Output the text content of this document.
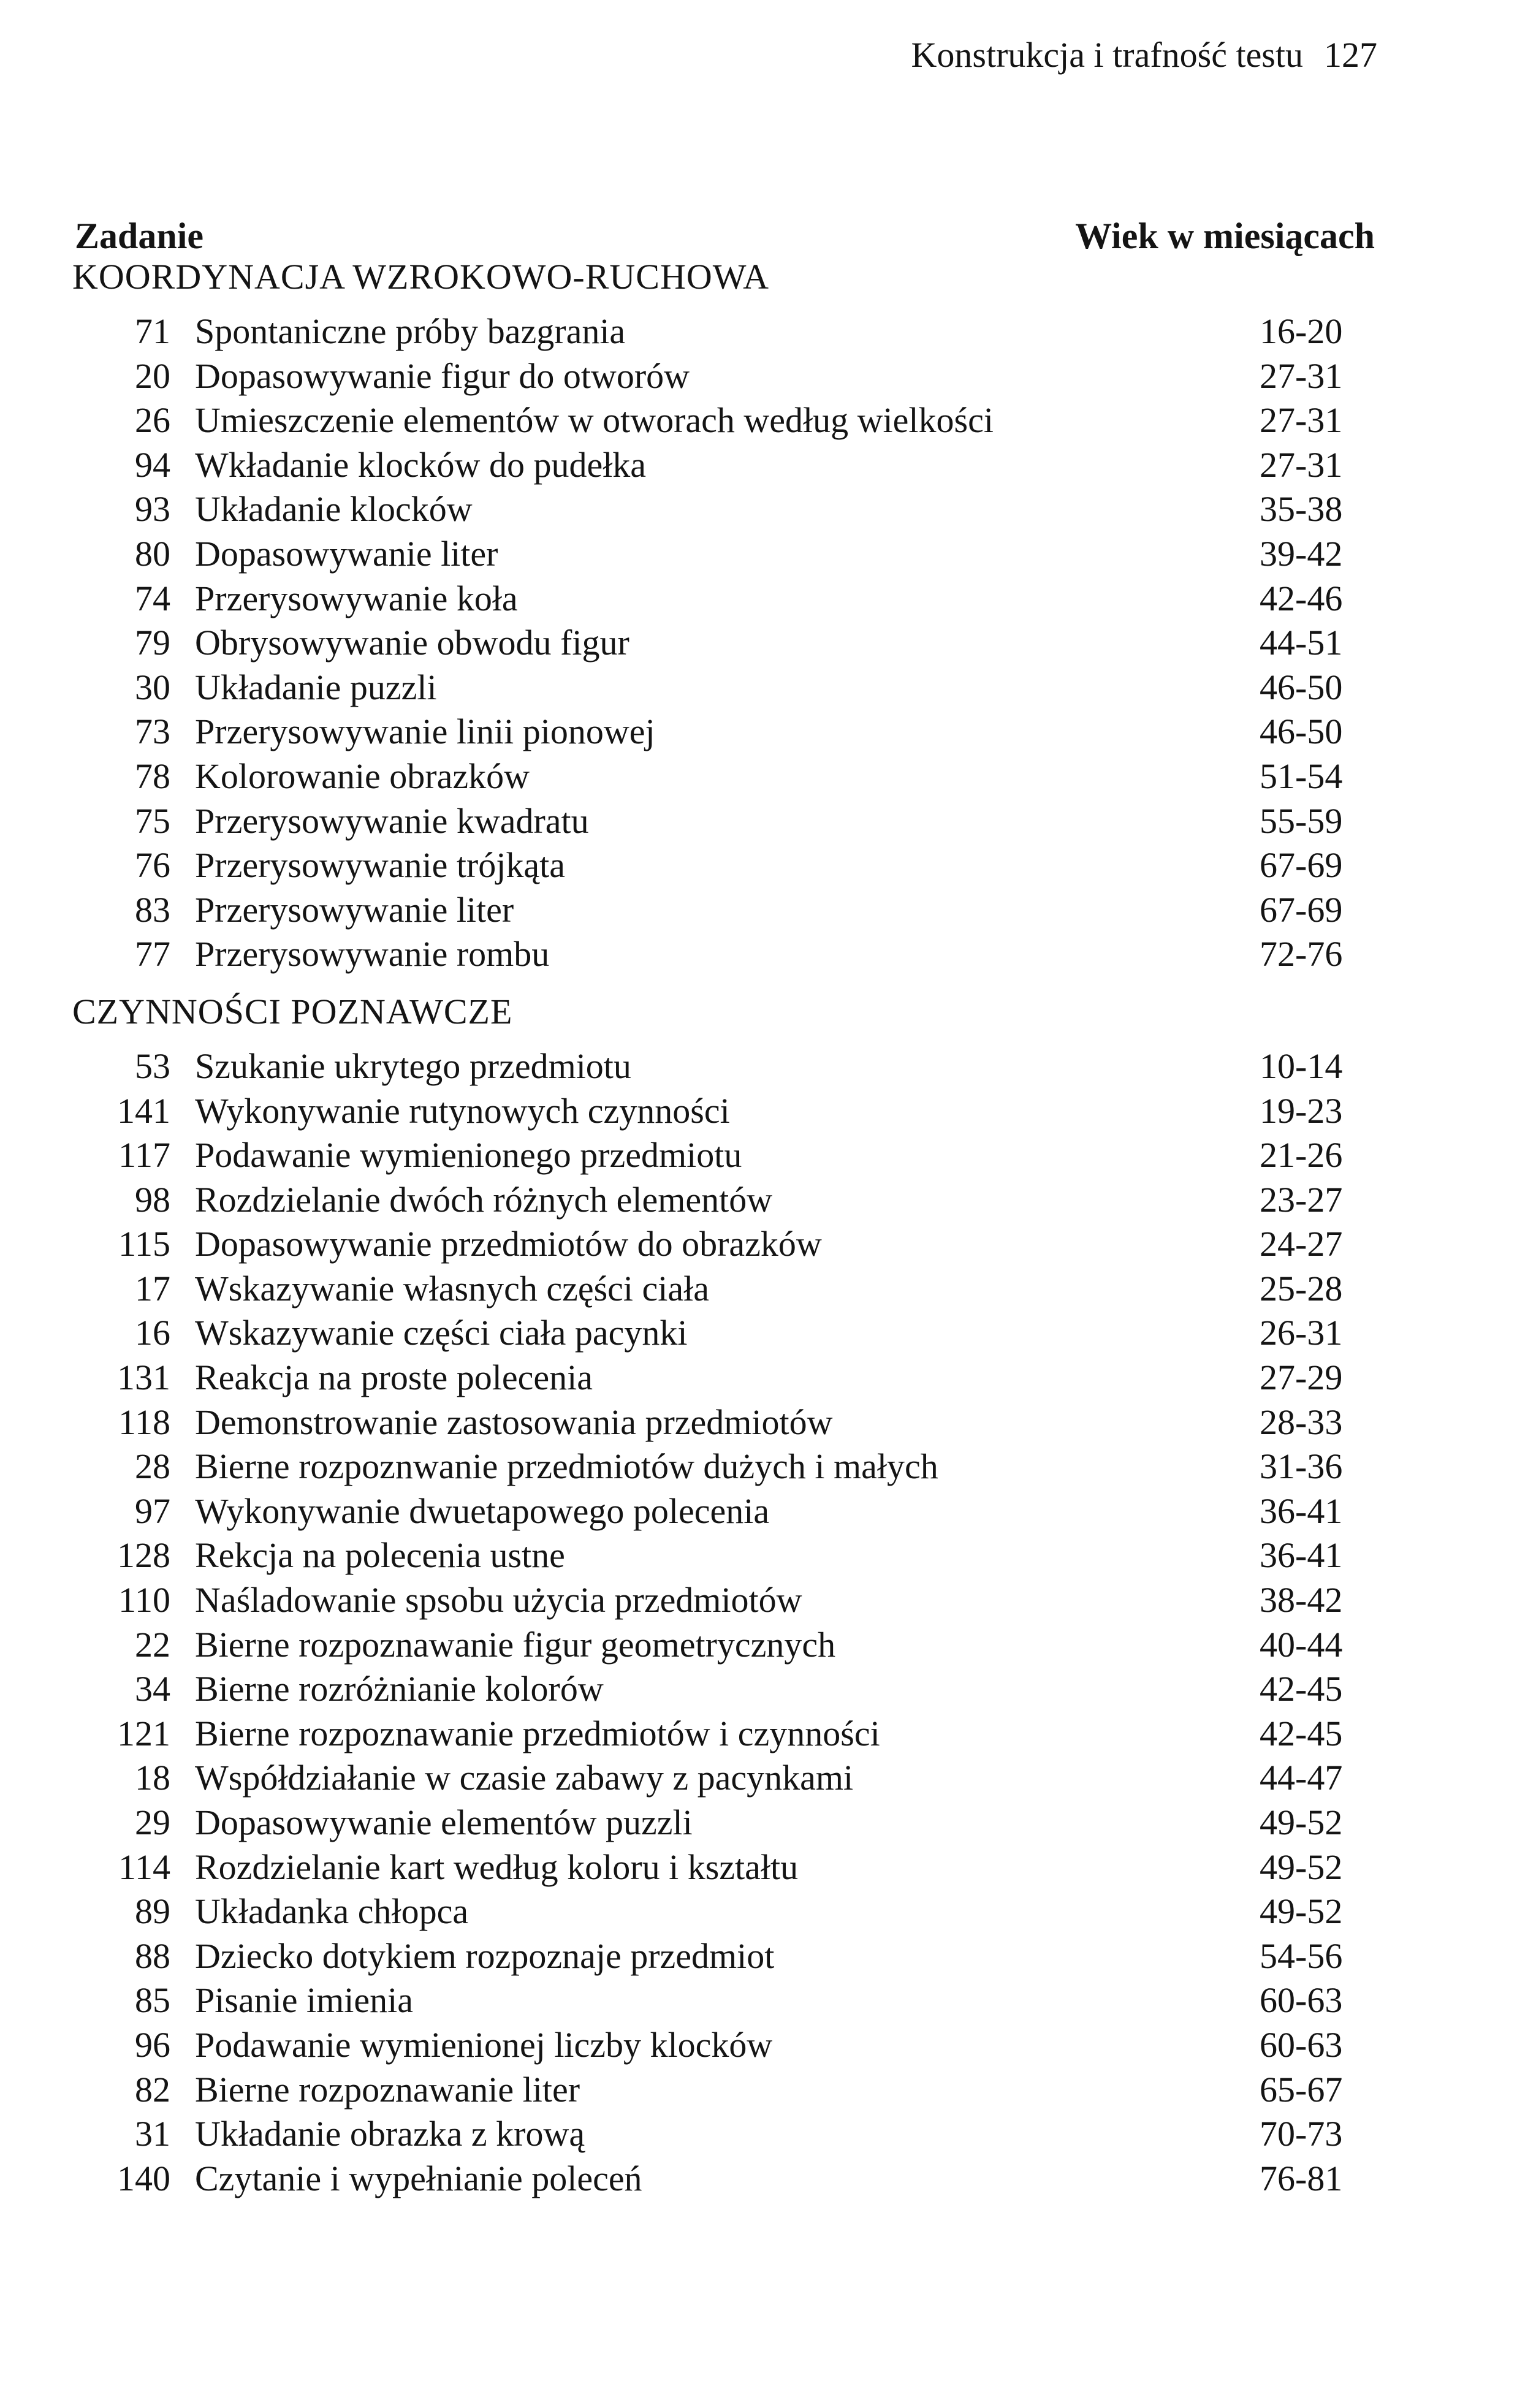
Konstrukcja i trafność testu 127
Zadanie	Wiek w miesiącach
KOORDYNACJA WZROKOWO-RUCHOWA
71 Spontaniczne próby bazgrania	16-20
20 Dopasowywanie figur do otworów	27-31
26 Umieszczenie elementów w otworach według wielkości	27-31
94 Wkładanie klocków do pudełka	27-31
93 Układanie klocków	35-38
80 Dopasowywanie liter	39-42
74 Przerysowywanie koła	42-46
79 Obrysowywanie obwodu figur	44-51
30 Układanie puzzli	46-50
73 Przerysowywanie linii pionowej	46-50
78 Kolorowanie obrazków	51-54
75 Przerysowywanie kwadratu	55-59
76 Przerysowywanie trójkąta	67-69
83 Przerysowywanie liter	67-69
77 Przerysowywanie rombu	72-76
CZYNNOŚCI POZNAWCZE
53 Szukanie ukrytego przedmiotu	10-14
141 Wykonywanie rutynowych czynności	19-23
117 Podawanie wymienionego przedmiotu	21-26
98 Rozdzielanie dwóch różnych elementów	23-27
115 Dopasowywanie przedmiotów do obrazków	24-27
17 Wskazywanie własnych części ciała	25-28
16 Wskazywanie części ciała pacynki	26-31
131 Reakcja na proste polecenia	27-29
118 Demonstrowanie zastosowania przedmiotów	28-33
28 Bierne rozpoznwanie przedmiotów dużych i małych	31-36
97 Wykonywanie dwuetapowego polecenia	36-41
128 Rekcja na polecenia ustne	36-41
110 Naśladowanie spsobu użycia przedmiotów	38-42
22 Bierne rozpoznawanie figur geometrycznych	40-44
34 Bierne rozróżnianie kolorów	42-45
121 Bierne rozpoznawanie przedmiotów i czynności	42-45
18 Współdziałanie w czasie zabawy z pacynkami	44-47
29 Dopasowywanie elementów puzzli	49-52
114 Rozdzielanie kart według koloru i kształtu	49-52
89 Układanka chłopca	49-52
88 Dziecko dotykiem rozpoznaje przedmiot	54-56
85 Pisanie imienia	60-63
96 Podawanie wymienionej liczby klocków	60-63
82 Bierne rozpoznawanie liter	65-67
31 Układanie obrazka z krową	70-73
140 Czytanie i wypełnianie poleceń	76-81
